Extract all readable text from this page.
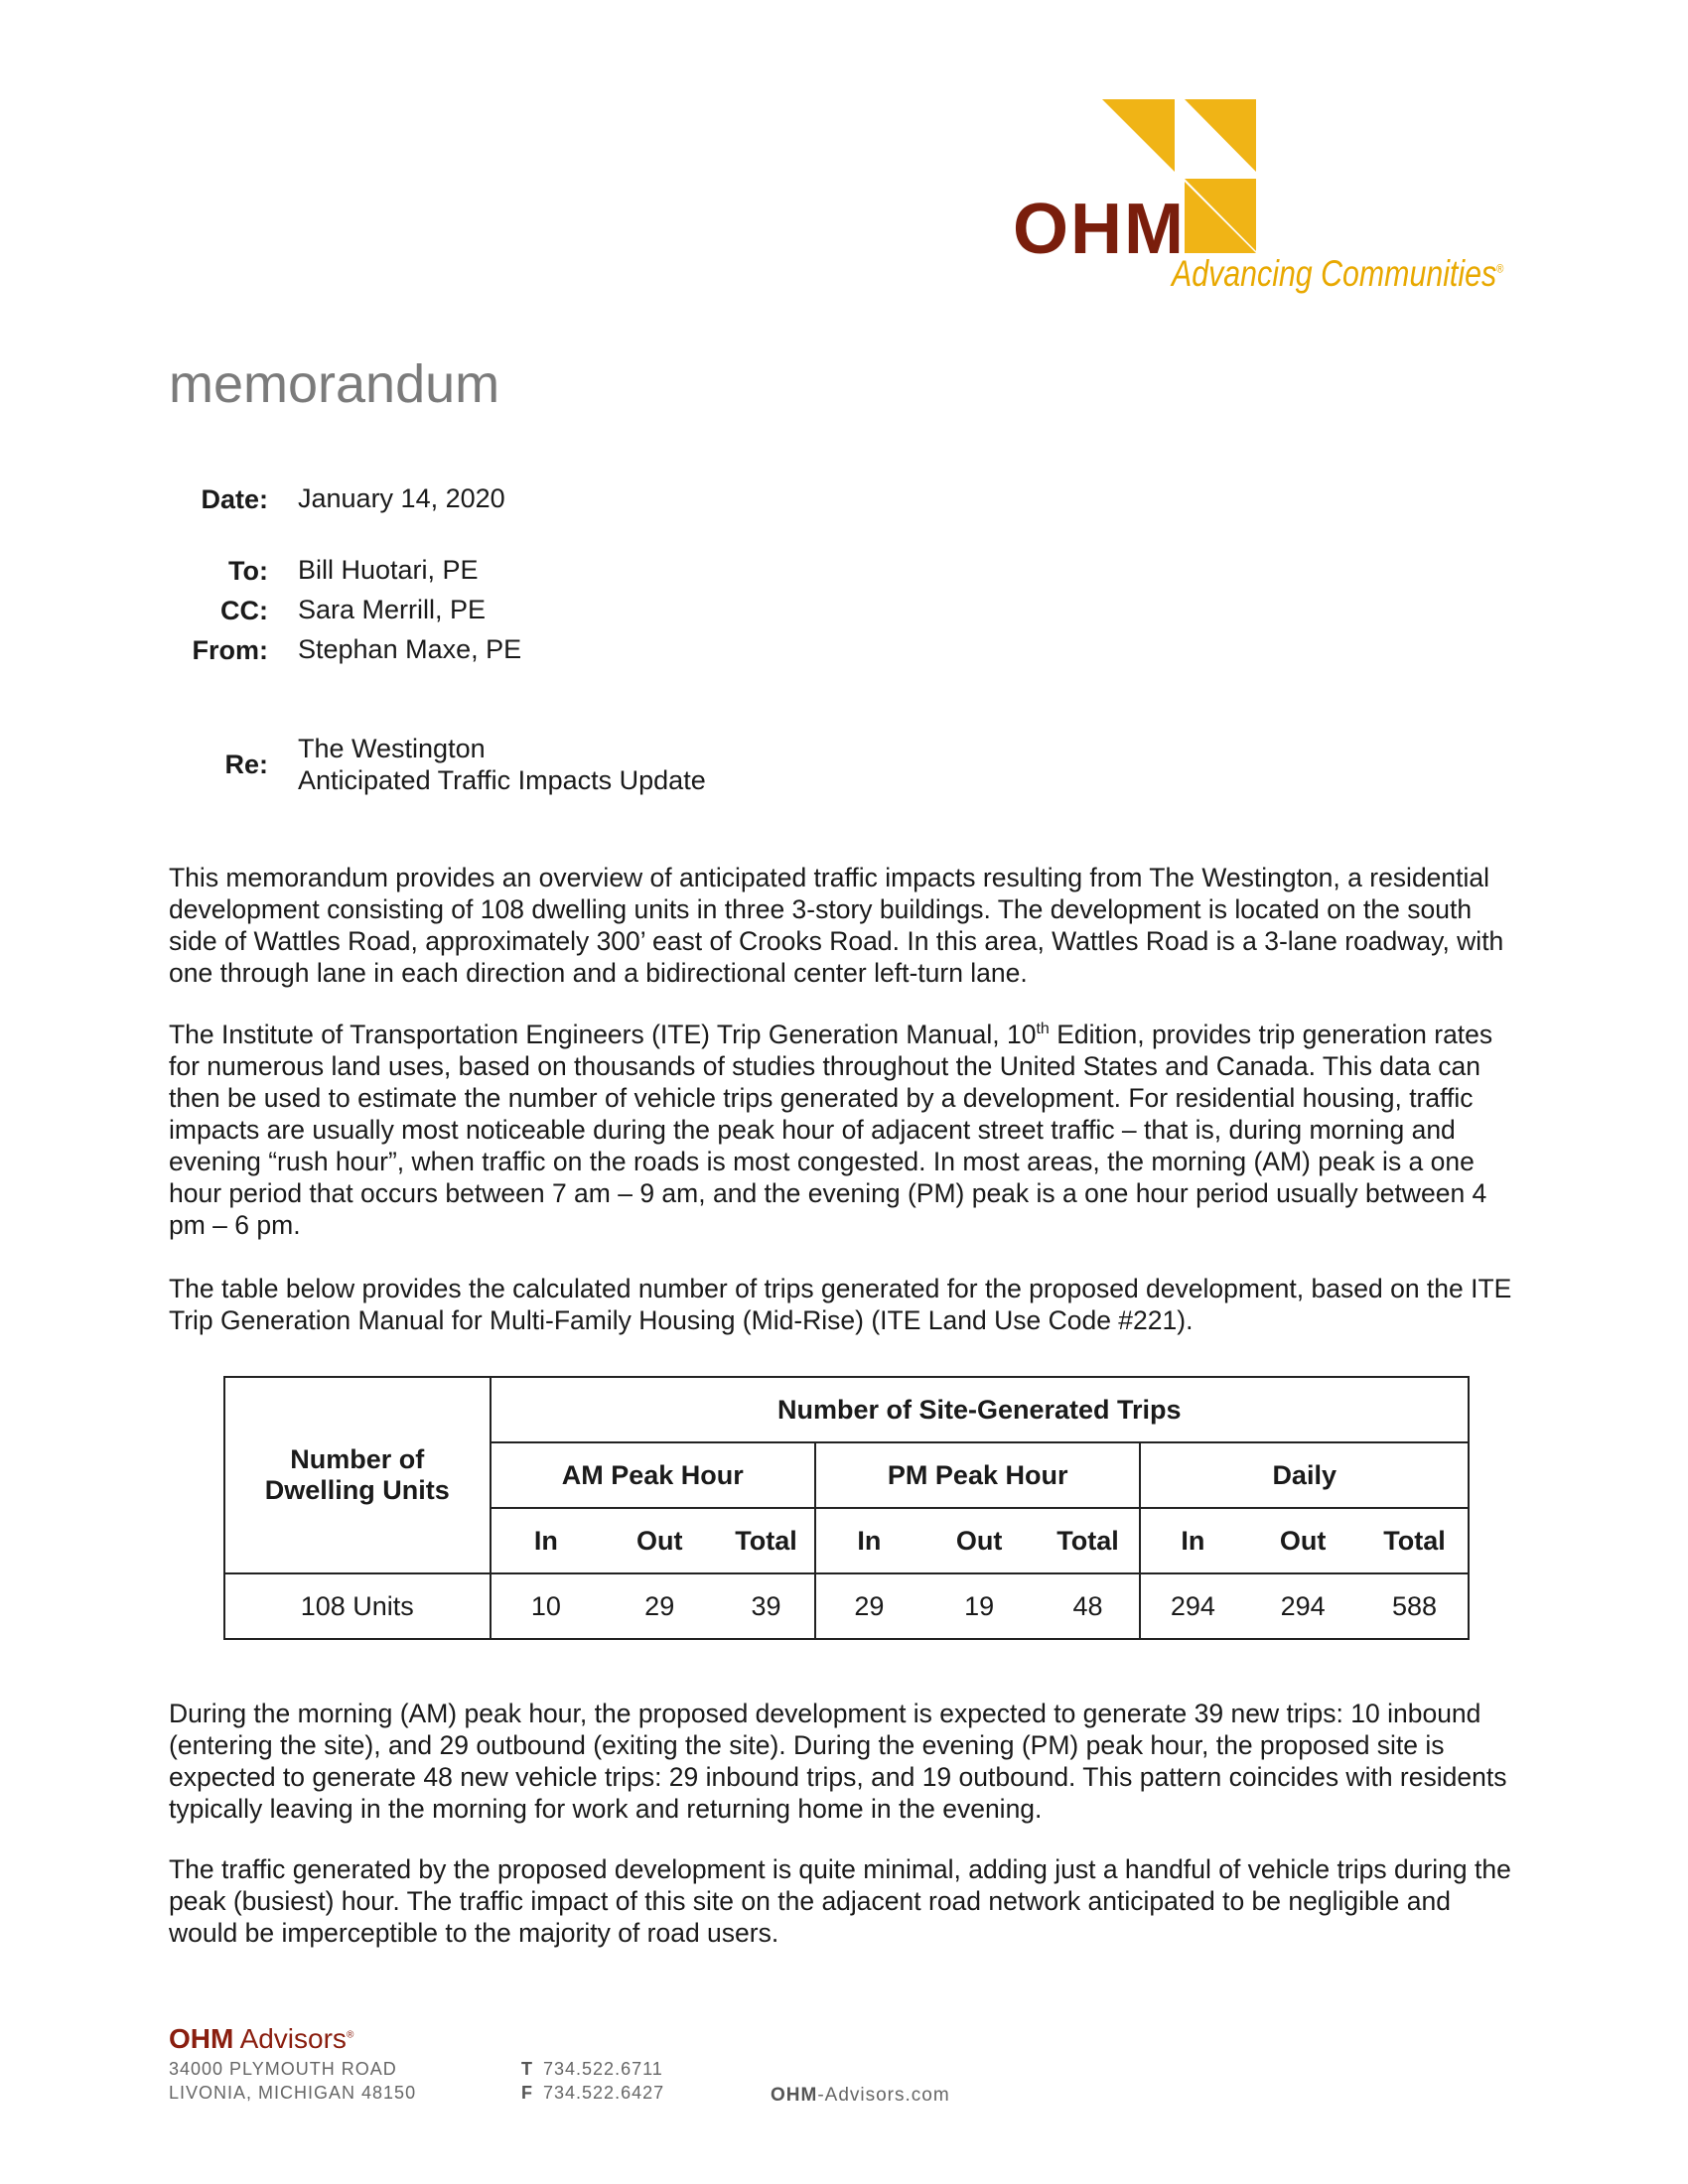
OHM
Advancing Communities®
memorandum
Date: January 14, 2020
To: Bill Huotari, PE
CC: Sara Merrill, PE
From: Stephan Maxe, PE
Re:
The Westington
Anticipated Traffic Impacts Update

This memorandum provides an overview of anticipated traffic impacts resulting from The Westington, a residential development consisting of 108 dwelling units in three 3-story buildings. The development is located on the south side of Wattles Road, approximately 300’ east of Crooks Road. In this area, Wattles Road is a 3-lane roadway, with one through lane in each direction and a bidirectional center left-turn lane.

The Institute of Transportation Engineers (ITE) Trip Generation Manual, 10th Edition, provides trip generation rates for numerous land uses, based on thousands of studies throughout the United States and Canada. This data can then be used to estimate the number of vehicle trips generated by a development. For residential housing, traffic impacts are usually most noticeable during the peak hour of adjacent street traffic – that is, during morning and evening “rush hour”, when traffic on the roads is most congested. In most areas, the morning (AM) peak is a one hour period that occurs between 7 am – 9 am, and the evening (PM) peak is a one hour period usually between 4 pm – 6 pm.

The table below provides the calculated number of trips generated for the proposed development, based on the ITE Trip Generation Manual for Multi-Family Housing (Mid-Rise) (ITE Land Use Code #221).

Number of
Dwelling Units	Number of Site-Generated Trips								
	AM Peak Hour			PM Peak Hour			Daily		
	In	Out	Total	In	Out	Total	In	Out	Total
108 Units	10	29	39	29	19	48	294	294	588

During the morning (AM) peak hour, the proposed development is expected to generate 39 new trips: 10 inbound (entering the site), and 29 outbound (exiting the site). During the evening (PM) peak hour, the proposed site is expected to generate 48 new vehicle trips: 29 inbound trips, and 19 outbound. This pattern coincides with residents typically leaving in the morning for work and returning home in the evening.

The traffic generated by the proposed development is quite minimal, adding just a handful of vehicle trips during the peak (busiest) hour. The traffic impact of this site on the adjacent road network anticipated to be negligible and would be imperceptible to the majority of road users.

OHM Advisors®
34000 PLYMOUTH ROAD
LIVONIA, MICHIGAN 48150
T 734.522.6711
F 734.522.6427	OHM-Advisors.com
